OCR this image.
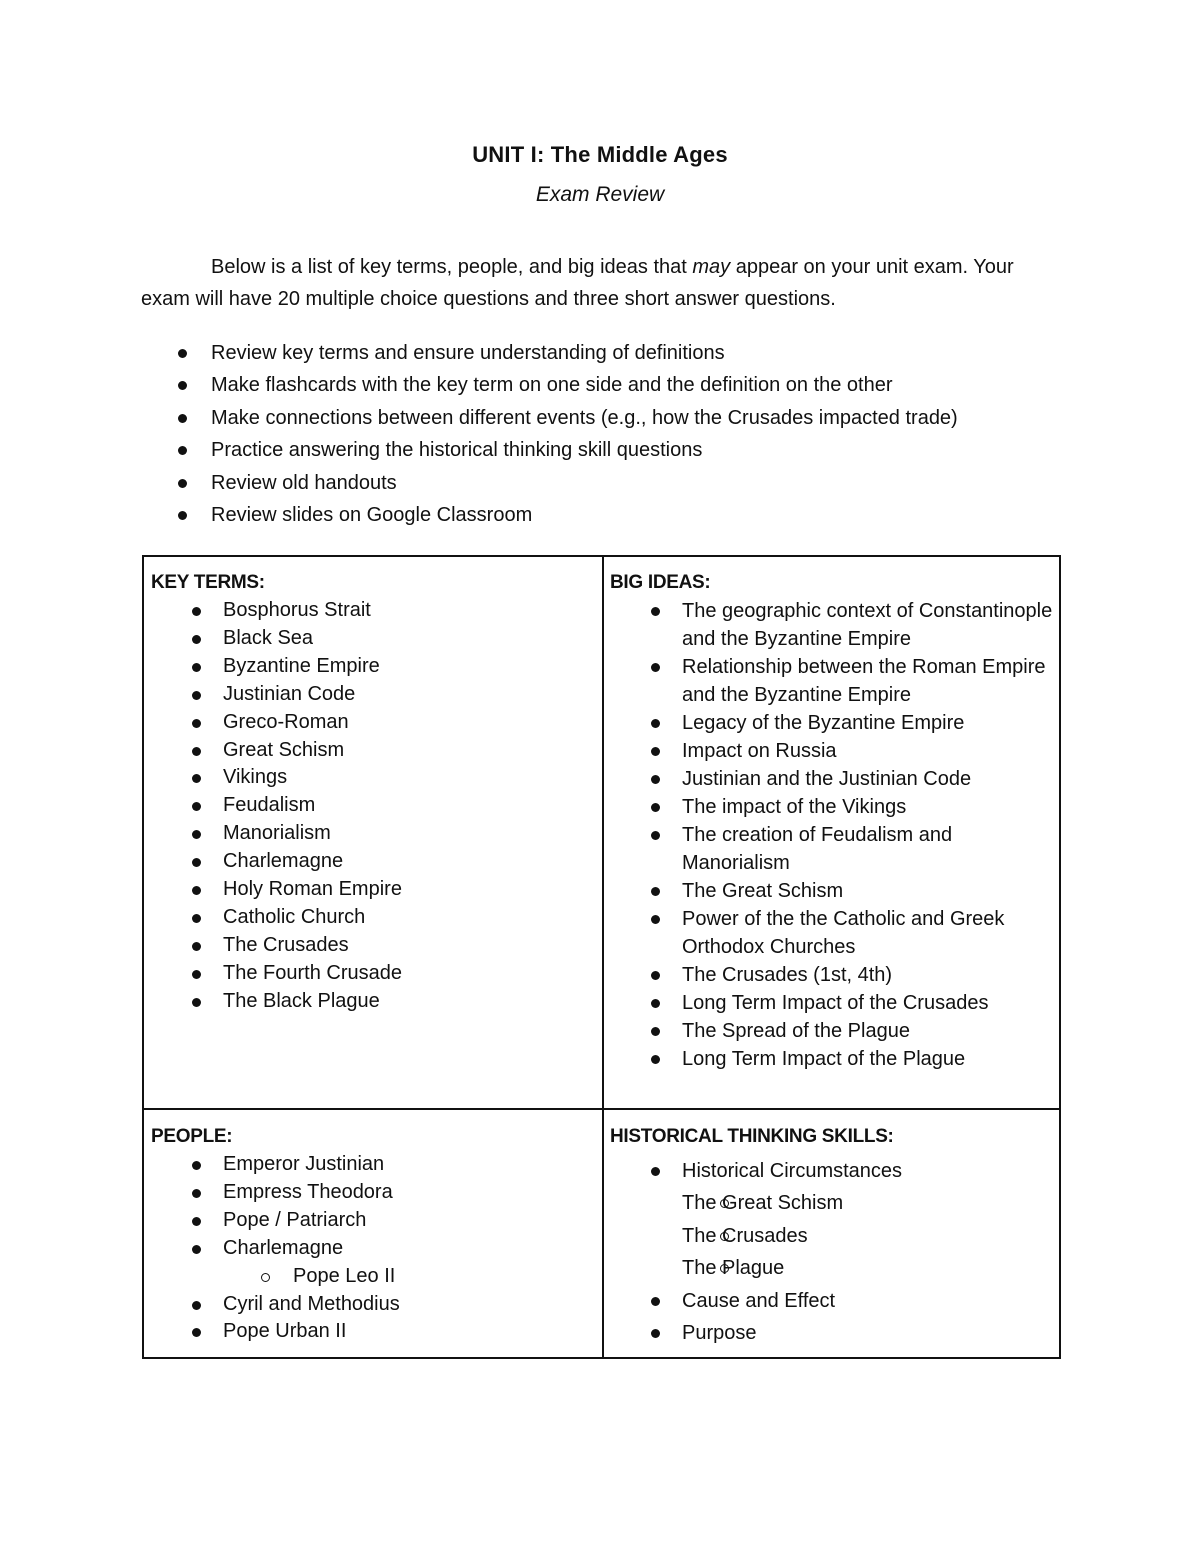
UNIT I: The Middle Ages
Exam Review
Below is a list of key terms, people, and big ideas that may appear on your unit exam. Your exam will have 20 multiple choice questions and three short answer questions.
Review key terms and ensure understanding of definitions
Make flashcards with the key term on one side and the definition on the other
Make connections between different events (e.g., how the Crusades impacted trade)
Practice answering the historical thinking skill questions
Review old handouts
Review slides on Google Classroom
KEY TERMS:
Bosphorus Strait
Black Sea
Byzantine Empire
Justinian Code
Greco-Roman
Great Schism
Vikings
Feudalism
Manorialism
Charlemagne
Holy Roman Empire
Catholic Church
The Crusades
The Fourth Crusade
The Black Plague
BIG IDEAS:
The geographic context of Constantinople and the Byzantine Empire
Relationship between the Roman Empire and the Byzantine Empire
Legacy of the Byzantine Empire
Impact on Russia
Justinian and the Justinian Code
The impact of the Vikings
The creation of Feudalism and Manorialism
The Great Schism
Power of the the Catholic and Greek Orthodox Churches
The Crusades (1st, 4th)
Long Term Impact of the Crusades
The Spread of the Plague
Long Term Impact of the Plague
PEOPLE:
Emperor Justinian
Empress Theodora
Pope / Patriarch
Charlemagne
Pope Leo II
Cyril and Methodius
Pope Urban II
HISTORICAL THINKING SKILLS:
Historical Circumstances
The Great Schism
The Crusades
The Plague
Cause and Effect
Purpose
